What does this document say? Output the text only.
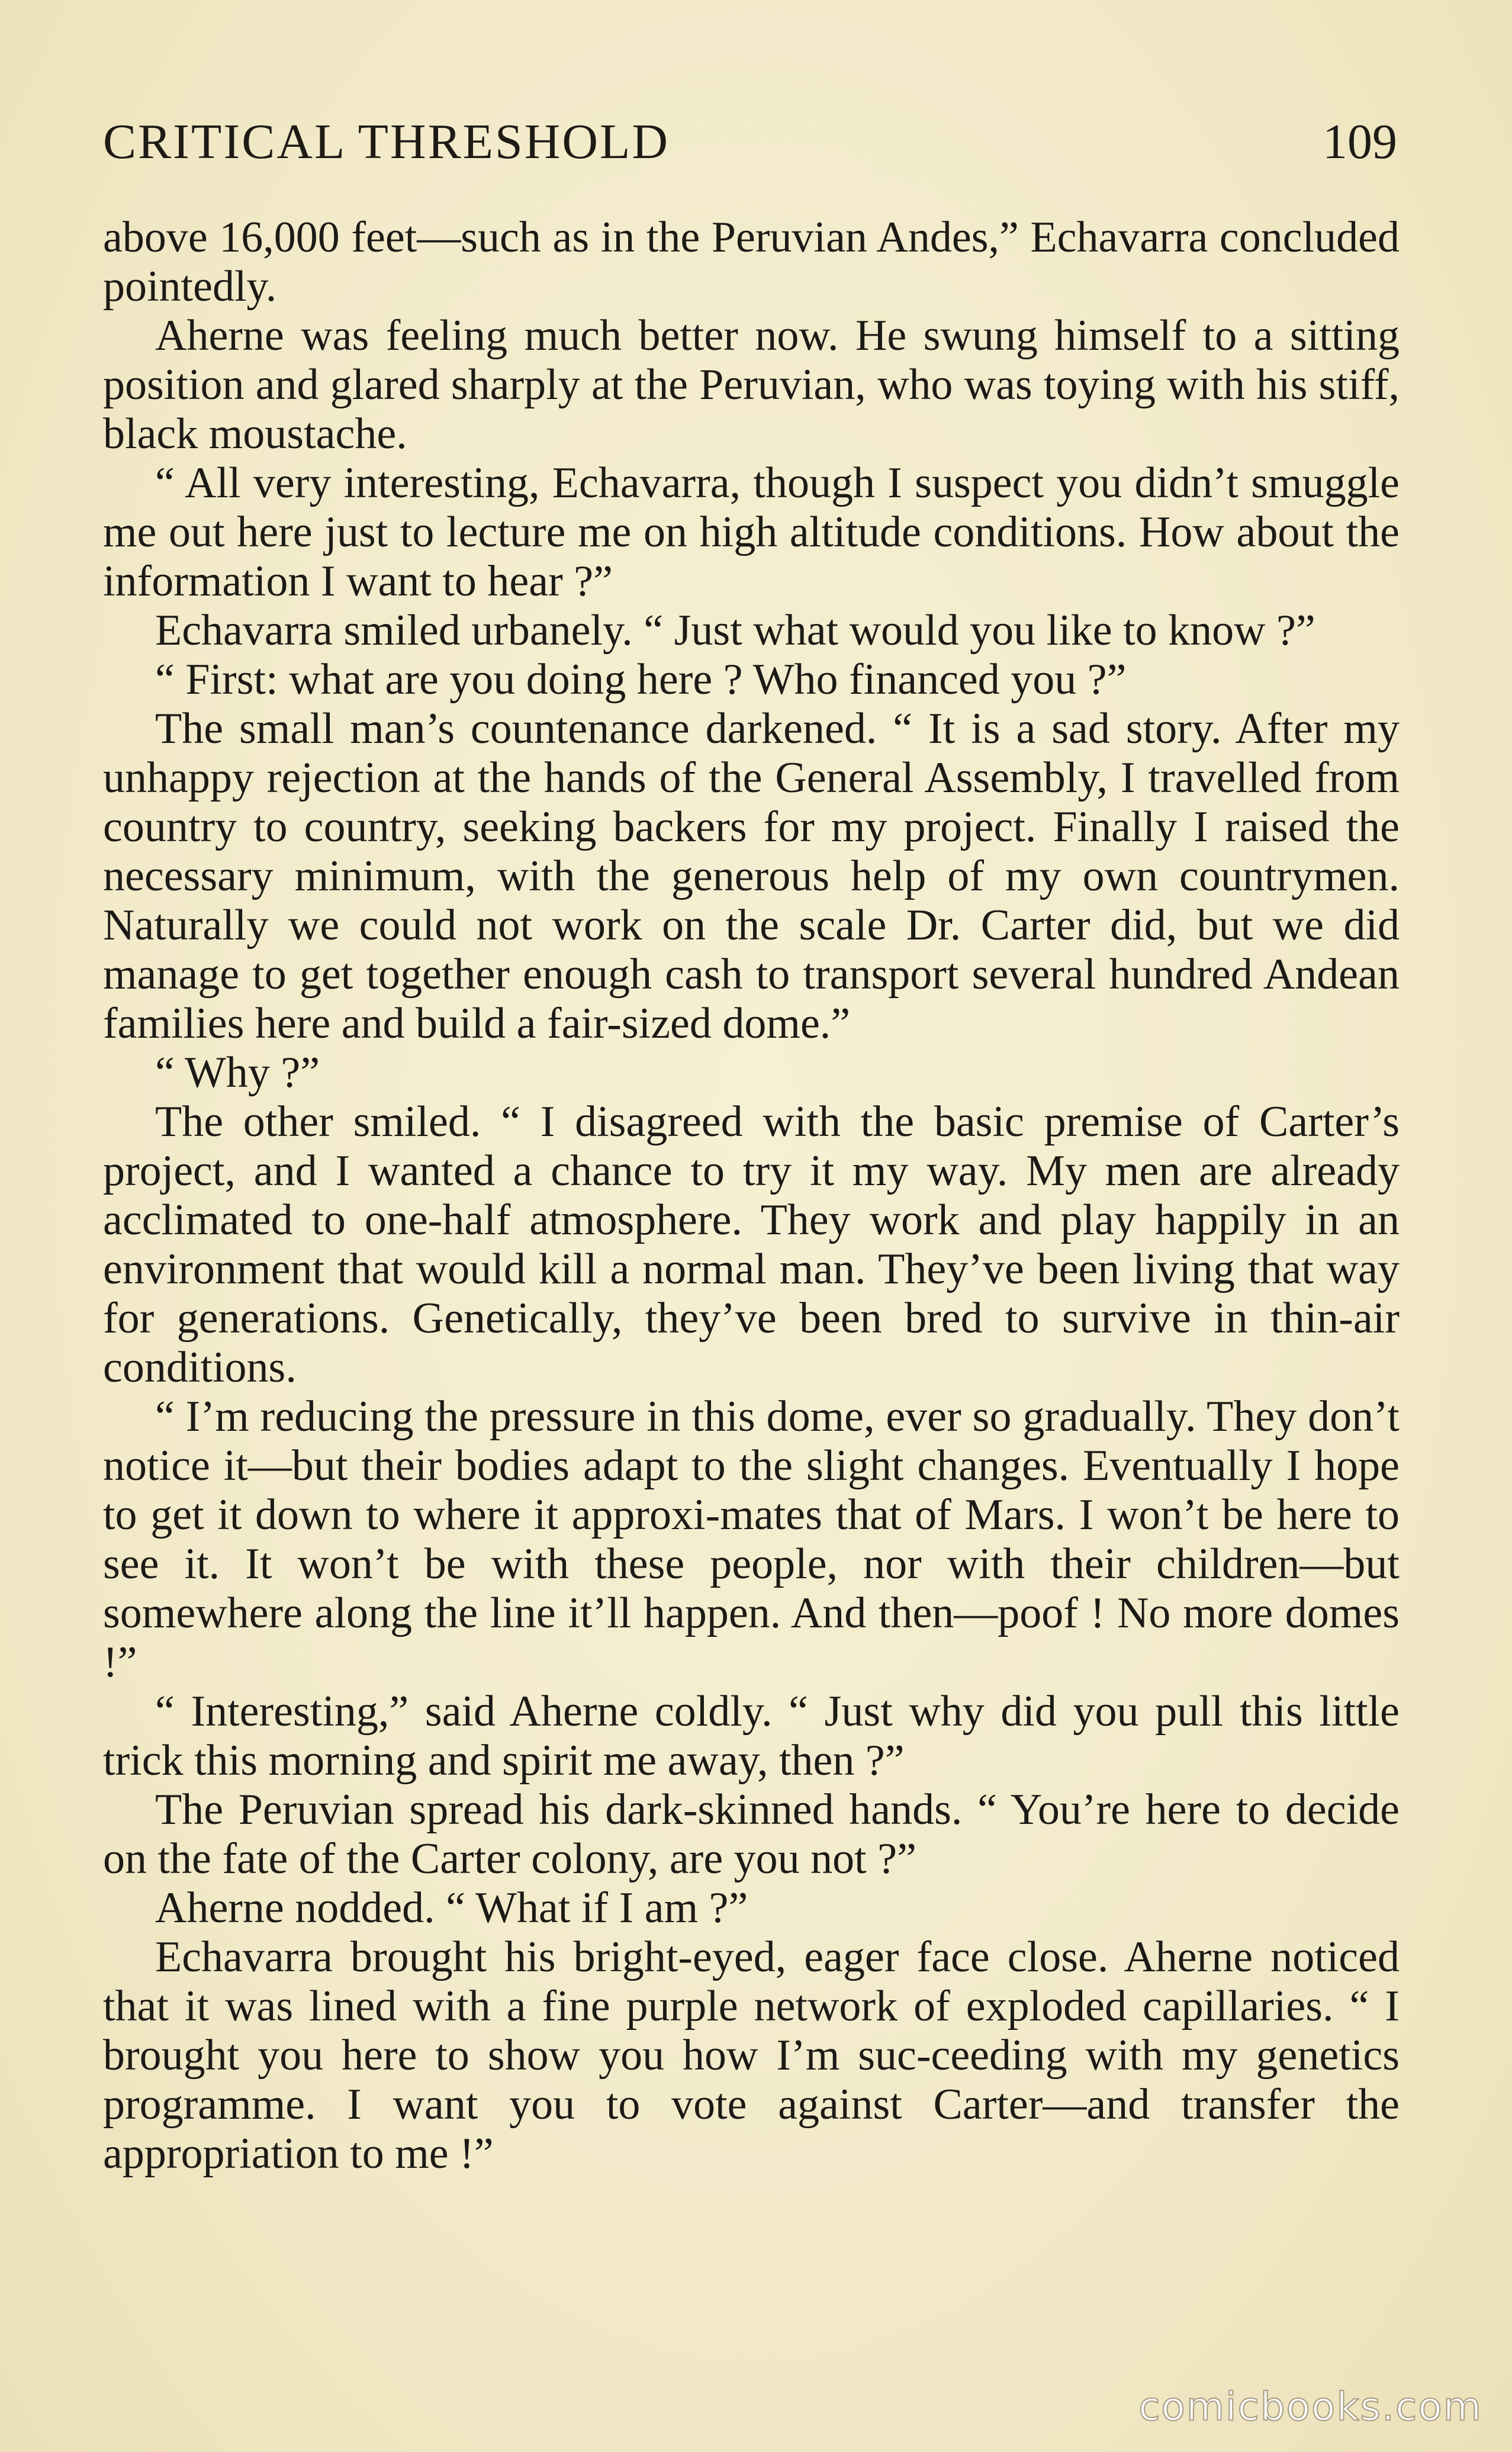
CRITICAL THRESHOLD	109

above 16,000 feet—such as in the Peruvian Andes,” Echavarra concluded pointedly.

Aherne was feeling much better now. He swung himself to a sitting position and glared sharply at the Peruvian, who was toying with his stiff, black moustache.

“ All very interesting, Echavarra, though I suspect you didn’t smuggle me out here just to lecture me on high altitude conditions. How about the information I want to hear ?”

Echavarra smiled urbanely. “ Just what would you like to know ?”

“ First: what are you doing here ? Who financed you ?”

The small man’s countenance darkened. “ It is a sad story. After my unhappy rejection at the hands of the General Assembly, I travelled from country to country, seeking backers for my project. Finally I raised the necessary minimum, with the generous help of my own countrymen. Naturally we could not work on the scale Dr. Carter did, but we did manage to get together enough cash to transport several hundred Andean families here and build a fair-sized dome.”

“ Why ?”

The other smiled. “ I disagreed with the basic premise of Carter’s project, and I wanted a chance to try it my way. My men are already acclimated to one-half atmosphere. They work and play happily in an environment that would kill a normal man. They’ve been living that way for generations. Genetically, they’ve been bred to survive in thin-air conditions.

“ I’m reducing the pressure in this dome, ever so gradually. They don’t notice it—but their bodies adapt to the slight changes. Eventually I hope to get it down to where it approxi-mates that of Mars. I won’t be here to see it. It won’t be with these people, nor with their children—but somewhere along the line it’ll happen. And then—poof ! No more domes !”

“ Interesting,” said Aherne coldly. “ Just why did you pull this little trick this morning and spirit me away, then ?”

The Peruvian spread his dark-skinned hands. “ You’re here to decide on the fate of the Carter colony, are you not ?”

Aherne nodded. “ What if I am ?”

Echavarra brought his bright-eyed, eager face close. Aherne noticed that it was lined with a fine purple network of exploded capillaries. “ I brought you here to show you how I’m suc-ceeding with my genetics programme. I want you to vote against Carter—and transfer the appropriation to me !”

comicbooks.com
